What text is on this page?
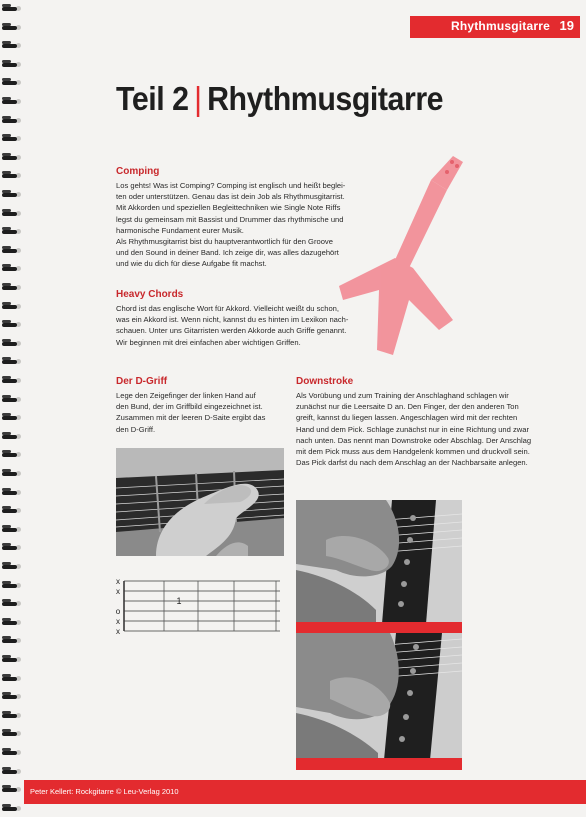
Rhythmusgitarre 19
Teil 2 | Rhythmusgitarre
Comping

Los gehts! Was ist Comping? Comping ist englisch und heißt beglei-

ten oder unterstützen. Genau das ist dein Job als Rhythmusgitarrist.

Mit Akkorden und speziellen Begleittechniken wie Single Note Riffs

legst du gemeinsam mit Bassist und Drummer das rhythmische und

harmonische Fundament eurer Musik.

Als Rhythmusgitarrist bist du hauptverantwortlich für den Groove

und den Sound in deiner Band. Ich zeige dir, was alles dazugehört

und wie du dich für diese Aufgabe fit machst.

Heavy Chords

Chord ist das englische Wort für Akkord. Vielleicht weißt du schon,

was ein Akkord ist. Wenn nicht, kannst du es hinten im Lexikon nach-

schauen. Unter uns Gitarristen werden Akkorde auch Griffe genannt.

Wir beginnen mit drei einfachen aber wichtigen Griffen.

Der D-Griff

Lege den Zeigefinger der linken Hand auf

den Bund, der im Griffbild eingezeichnet ist.

Zusammen mit der leeren D-Saite ergibt das

den D-Griff.

Downstroke

Als Vorübung und zum Training der Anschlaghand schlagen wir

zunächst nur die Leersaite D an. Den Finger, der den anderen Ton

greift, kannst du liegen lassen. Angeschlagen wird mit der rechten

Hand und dem Pick. Schlage zunächst nur in eine Richtung und zwar

nach unten. Das nennt man Downstroke oder Abschlag. Der Anschlag

mit dem Pick muss aus dem Handgelenk kommen und druckvoll sein.

Das Pick darfst du nach dem Anschlag an der Nachbarsaite anlegen.

x
x
o
x
x
1
Peter Kellert: Rockgitarre © Leu-Verlag 2010
